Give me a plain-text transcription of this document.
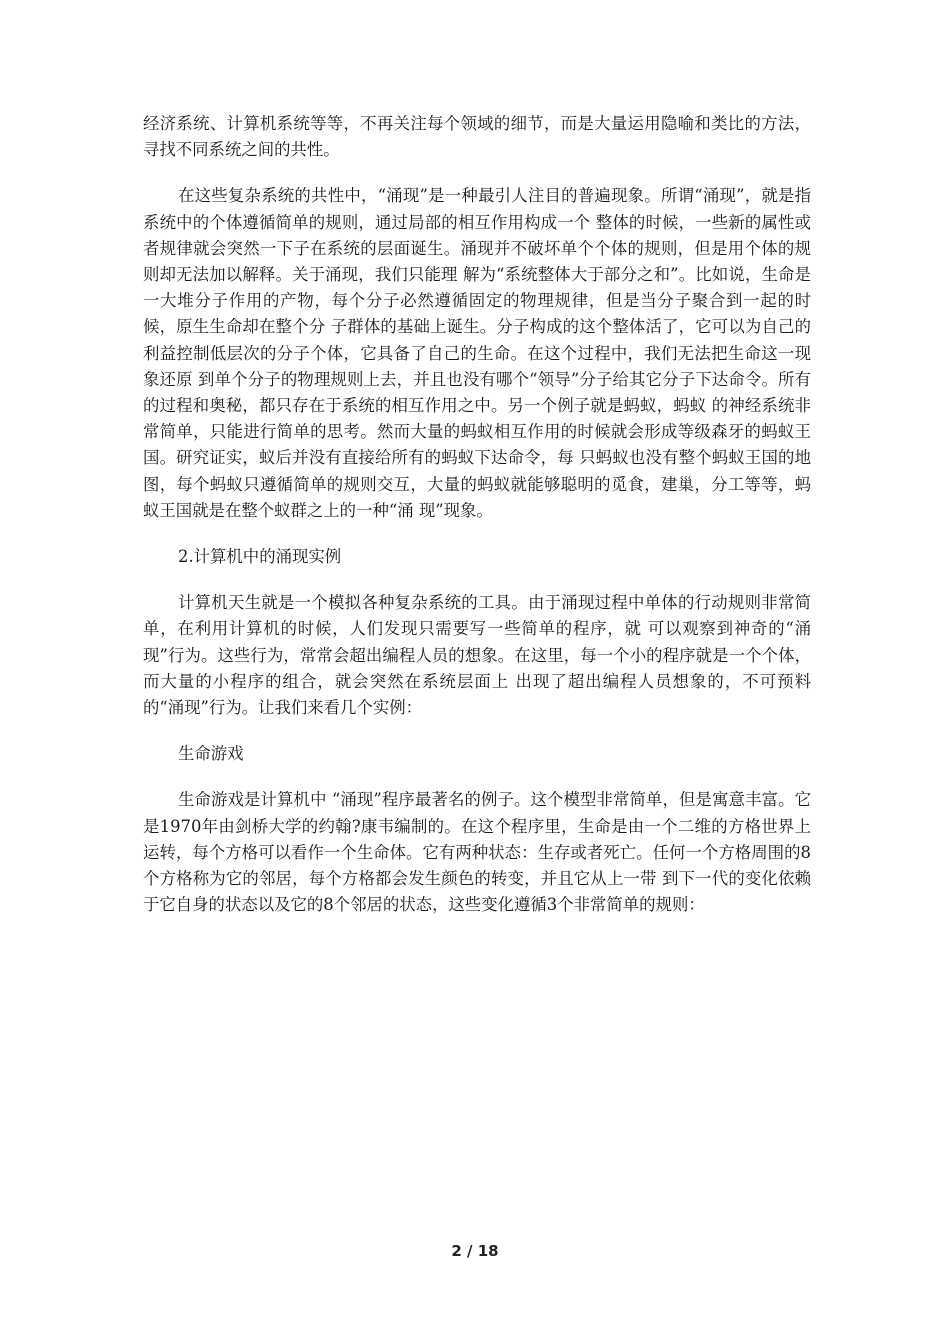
经济系统、计算机系统等等，不再关注每个领域的细节，而是大量运用隐喻和类比的方法，寻找不同系统之间的共性。

在这些复杂系统的共性中，“涌现”是一种最引人注目的普遍现象。所谓“涌现”，就是指系统中的个体遵循简单的规则，通过局部的相互作用构成一个 整体的时候，一些新的属性或者规律就会突然一下子在系统的层面诞生。涌现并不破坏单个个体的规则，但是用个体的规则却无法加以解释。关于涌现，我们只能理 解为“系统整体大于部分之和”。比如说，生命是一大堆分子作用的产物，每个分子必然遵循固定的物理规律，但是当分子聚合到一起的时候，原生生命却在整个分 子群体的基础上诞生。分子构成的这个整体活了，它可以为自己的利益控制低层次的分子个体，它具备了自己的生命。在这个过程中，我们无法把生命这一现象还原 到单个分子的物理规则上去，并且也没有哪个“领导”分子给其它分子下达命令。所有的过程和奥秘，都只存在于系统的相互作用之中。另一个例子就是蚂蚁，蚂蚁 的神经系统非常简单，只能进行简单的思考。然而大量的蚂蚁相互作用的时候就会形成等级森牙的蚂蚁王国。研究证实，蚁后并没有直接给所有的蚂蚁下达命令，每 只蚂蚁也没有整个蚂蚁王国的地图，每个蚂蚁只遵循简单的规则交互，大量的蚂蚁就能够聪明的觅食，建巢，分工等等，蚂蚁王国就是在整个蚁群之上的一种“涌 现”现象。

2.计算机中的涌现实例

计算机天生就是一个模拟各种复杂系统的工具。由于涌现过程中单体的行动规则非常简单，在利用计算机的时候，人们发现只需要写一些简单的程序，就 可以观察到神奇的“涌现”行为。这些行为，常常会超出编程人员的想象。在这里，每一个小的程序就是一个个体，而大量的小程序的组合，就会突然在系统层面上 出现了超出编程人员想象的，不可预料的“涌现”行为。让我们来看几个实例：

生命游戏

生命游戏是计算机中 “涌现”程序最著名的例子。这个模型非常简单，但是寓意丰富。它是1970年由剑桥大学的约翰?康韦编制的。在这个程序里，生命是由一个二维的方格世界上 运转，每个方格可以看作一个生命体。它有两种状态：生存或者死亡。任何一个方格周围的8个方格称为它的邻居，每个方格都会发生颜色的转变，并且它从上一带 到下一代的变化依赖于它自身的状态以及它的8个邻居的状态，这些变化遵循3个非常简单的规则：

2 / 18
